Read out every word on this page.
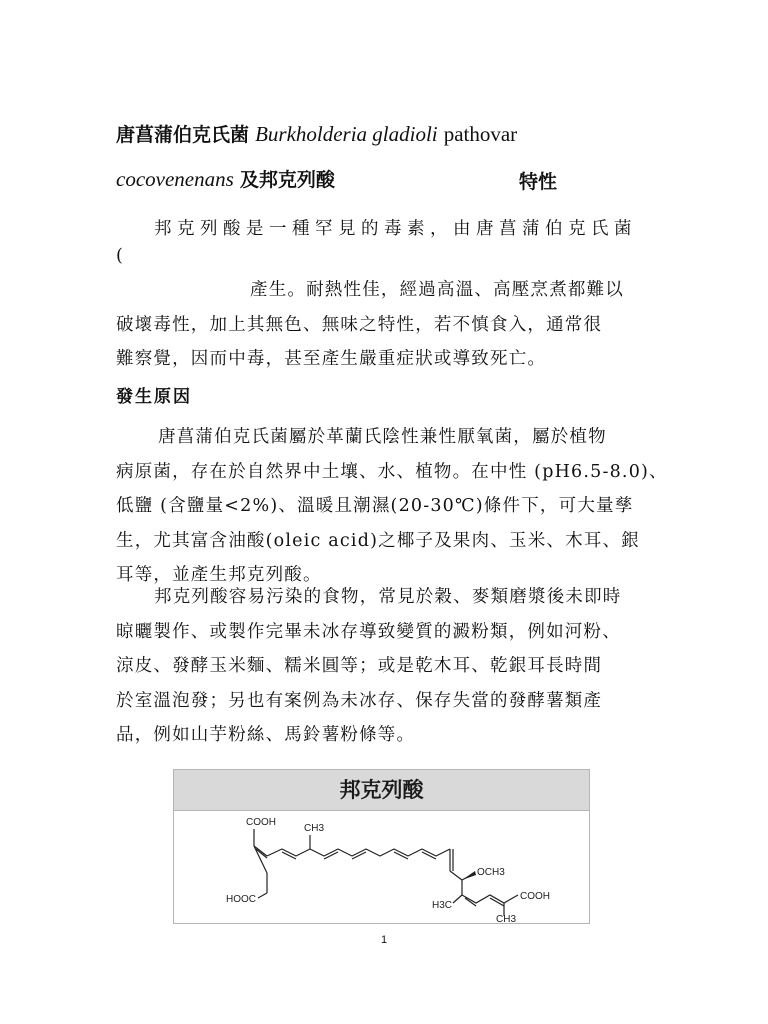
唐菖蒲伯克氏菌 Burkholderia gladioli pathovar
cocovenenans 及邦克列酸	特性
邦克列酸是一種罕見的毒素，由唐菖蒲伯克氏菌
(
產生。耐熱性佳，經過高溫、高壓烹煮都難以
破壞毒性，加上其無色、無味之特性，若不慎食入，通常很
難察覺，因而中毒，甚至產生嚴重症狀或導致死亡。
發生原因
唐菖蒲伯克氏菌屬於革蘭氏陰性兼性厭氧菌，屬於植物
病原菌，存在於自然界中土壤、水、植物。在中性 (pH6.5-8.0)、
低鹽 (含鹽量<2%)、溫暖且潮濕(20-30℃)條件下，可大量孳
生，尤其富含油酸(oleic acid)之椰子及果肉、玉米、木耳、銀
耳等，並產生邦克列酸。
邦克列酸容易污染的食物，常見於穀、麥類磨漿後未即時
晾曬製作、或製作完畢未冰存導致變質的澱粉類，例如河粉、
涼皮、發酵玉米麵、糯米圓等；或是乾木耳、乾銀耳長時間
於室溫泡發；另也有案例為未冰存、保存失當的發酵薯類產
品，例如山芋粉絲、馬鈴薯粉條等。
邦克列酸
COOH
CH3
HOOC
OCH3
H3C
COOH
CH3
1
